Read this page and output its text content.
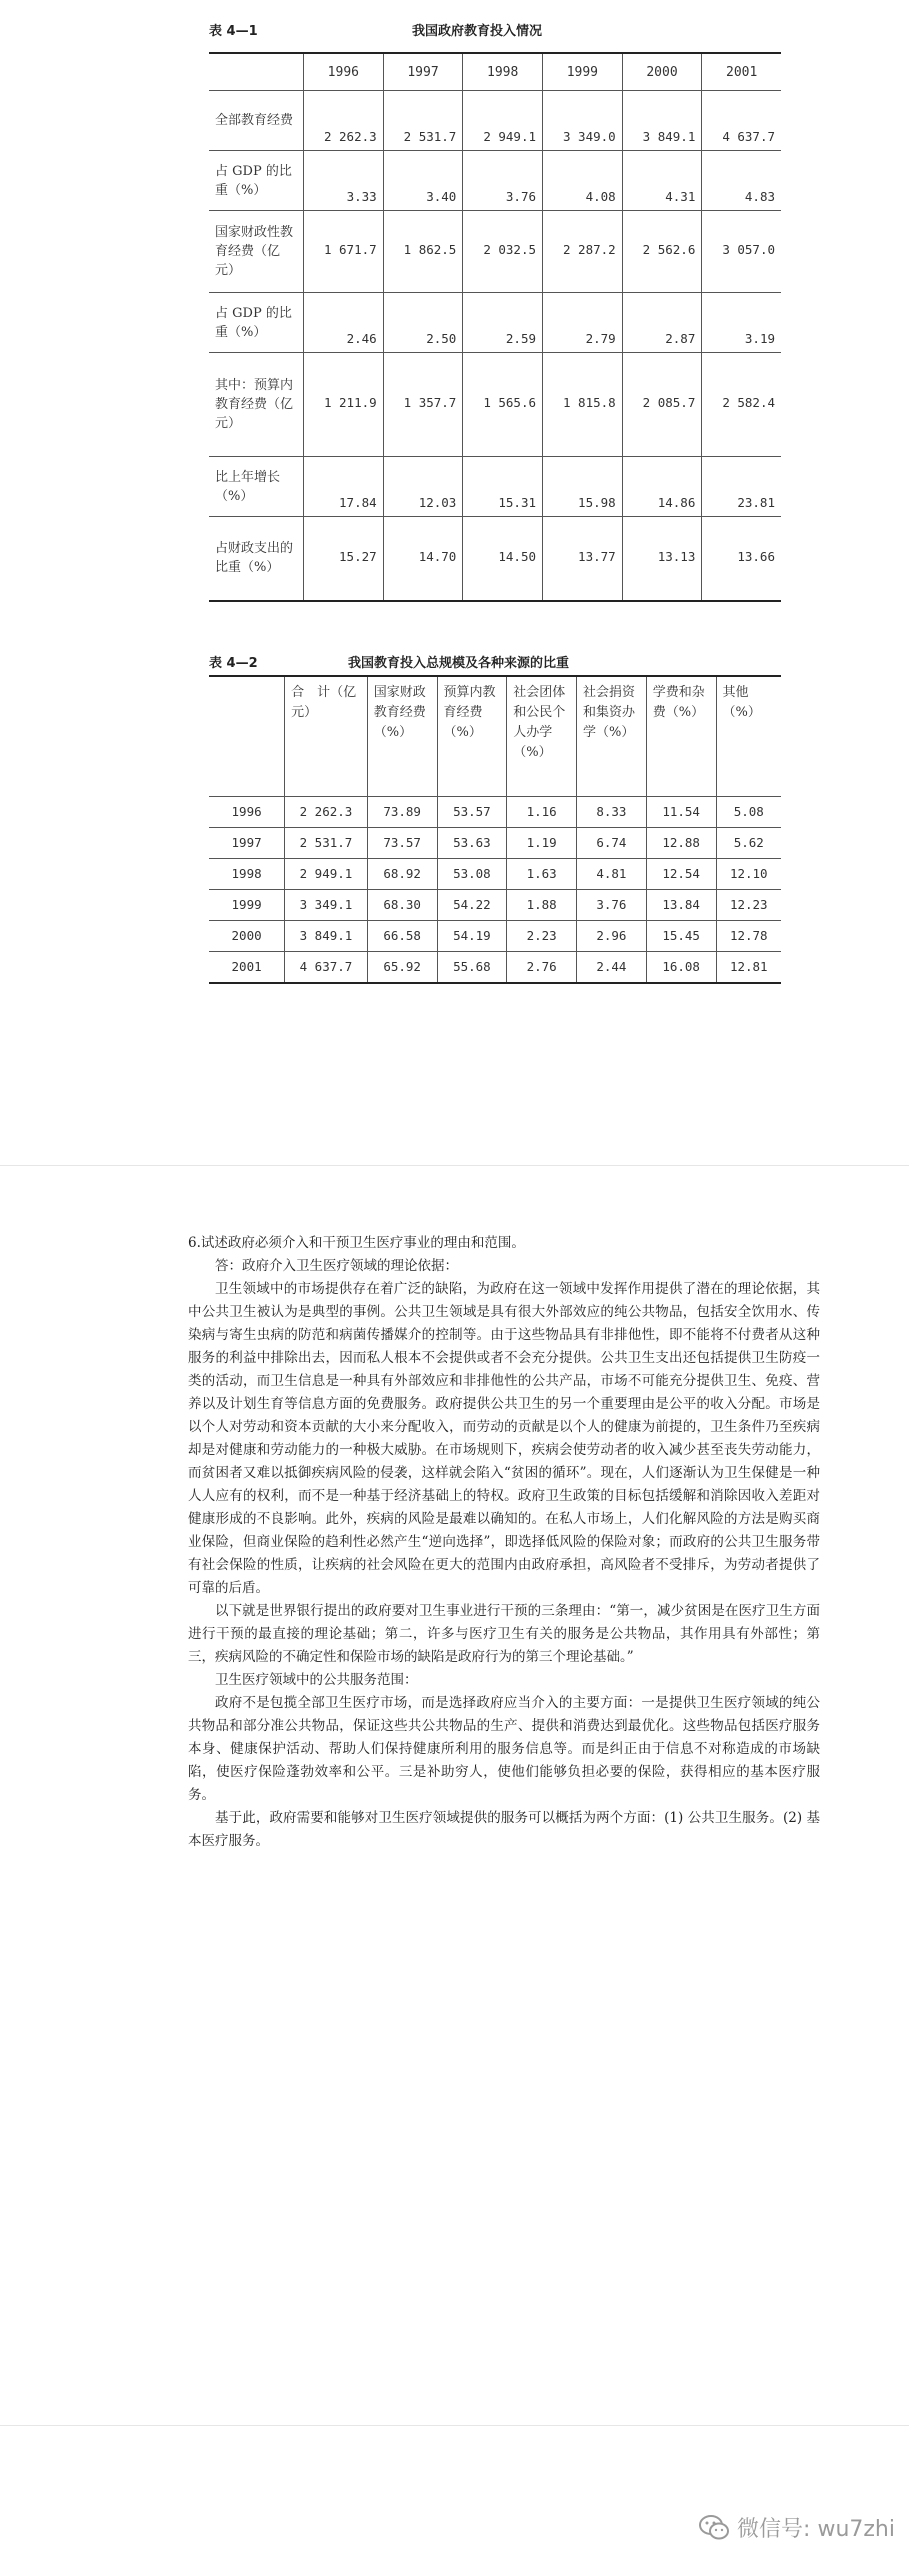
表 4—1	我国政府教育投入情况
	1996	1997	1998	1999	2000	2001
全部教育经费	2 262.3	2 531.7	2 949.1	3 349.0	3 849.1	4 637.7
占 GDP 的比重（%）	3.33	3.40	3.76	4.08	4.31	4.83
国家财政性教育经费（亿元）	1 671.7	1 862.5	2 032.5	2 287.2	2 562.6	3 057.0
占 GDP 的比重（%）	2.46	2.50	2.59	2.79	2.87	3.19
其中：预算内教育经费（亿元）	1 211.9	1 357.7	1 565.6	1 815.8	2 085.7	2 582.4
比上年增长（%）	17.84	12.03	15.31	15.98	14.86	23.81
占财政支出的比重（%）	15.27	14.70	14.50	13.77	13.13	13.66
表 4—2	我国教育投入总规模及各种来源的比重
	合　计（亿元）	国家财政教育经费（%）	预算内教育经费（%）	社会团体和公民个人办学（%）	社会捐资和集资办学（%）	学费和杂费（%）	其他（%）
1996	2 262.3	73.89	53.57	1.16	8.33	11.54	5.08
1997	2 531.7	73.57	53.63	1.19	6.74	12.88	5.62
1998	2 949.1	68.92	53.08	1.63	4.81	12.54	12.10
1999	3 349.1	68.30	54.22	1.88	3.76	13.84	12.23
2000	3 849.1	66.58	54.19	2.23	2.96	15.45	12.78
2001	4 637.7	65.92	55.68	2.76	2.44	16.08	12.81

6.试述政府必须介入和干预卫生医疗事业的理由和范围。

答：政府介入卫生医疗领域的理论依据：

卫生领域中的市场提供存在着广泛的缺陷，为政府在这一领域中发挥作用提供了潜在的理论依据，其中公共卫生被认为是典型的事例。公共卫生领域是具有很大外部效应的纯公共物品，包括安全饮用水、传染病与寄生虫病的防范和病菌传播媒介的控制等。由于这些物品具有非排他性，即不能将不付费者从这种服务的利益中排除出去，因而私人根本不会提供或者不会充分提供。公共卫生支出还包括提供卫生防疫一类的活动，而卫生信息是一种具有外部效应和非排他性的公共产品，市场不可能充分提供卫生、免疫、营养以及计划生育等信息方面的免费服务。政府提供公共卫生的另一个重要理由是公平的收入分配。市场是以个人对劳动和资本贡献的大小来分配收入，而劳动的贡献是以个人的健康为前提的，卫生条件乃至疾病却是对健康和劳动能力的一种极大威胁。在市场规则下，疾病会使劳动者的收入减少甚至丧失劳动能力，而贫困者又难以抵御疾病风险的侵袭，这样就会陷入“贫困的循环”。现在，人们逐渐认为卫生保健是一种人人应有的权利，而不是一种基于经济基础上的特权。政府卫生政策的目标包括缓解和消除因收入差距对健康形成的不良影响。此外，疾病的风险是最难以确知的。在私人市场上，人们化解风险的方法是购买商业保险，但商业保险的趋利性必然产生“逆向选择”，即选择低风险的保险对象；而政府的公共卫生服务带有社会保险的性质，让疾病的社会风险在更大的范围内由政府承担，高风险者不受排斥，为劳动者提供了可靠的后盾。

以下就是世界银行提出的政府要对卫生事业进行干预的三条理由：“第一，减少贫困是在医疗卫生方面进行干预的最直接的理论基础；第二，许多与医疗卫生有关的服务是公共物品，其作用具有外部性；第三，疾病风险的不确定性和保险市场的缺陷是政府行为的第三个理论基础。”

卫生医疗领域中的公共服务范围：

政府不是包揽全部卫生医疗市场，而是选择政府应当介入的主要方面：一是提供卫生医疗领域的纯公共物品和部分准公共物品，保证这些共公共物品的生产、提供和消费达到最优化。这些物品包括医疗服务本身、健康保护活动、帮助人们保持健康所利用的服务信息等。而是纠正由于信息不对称造成的市场缺陷，使医疗保险蓬勃效率和公平。三是补助穷人，使他们能够负担必要的保险，获得相应的基本医疗服务。

基于此，政府需要和能够对卫生医疗领域提供的服务可以概括为两个方面：(1) 公共卫生服务。(2) 基本医疗服务。

微信号: wu7zhi
